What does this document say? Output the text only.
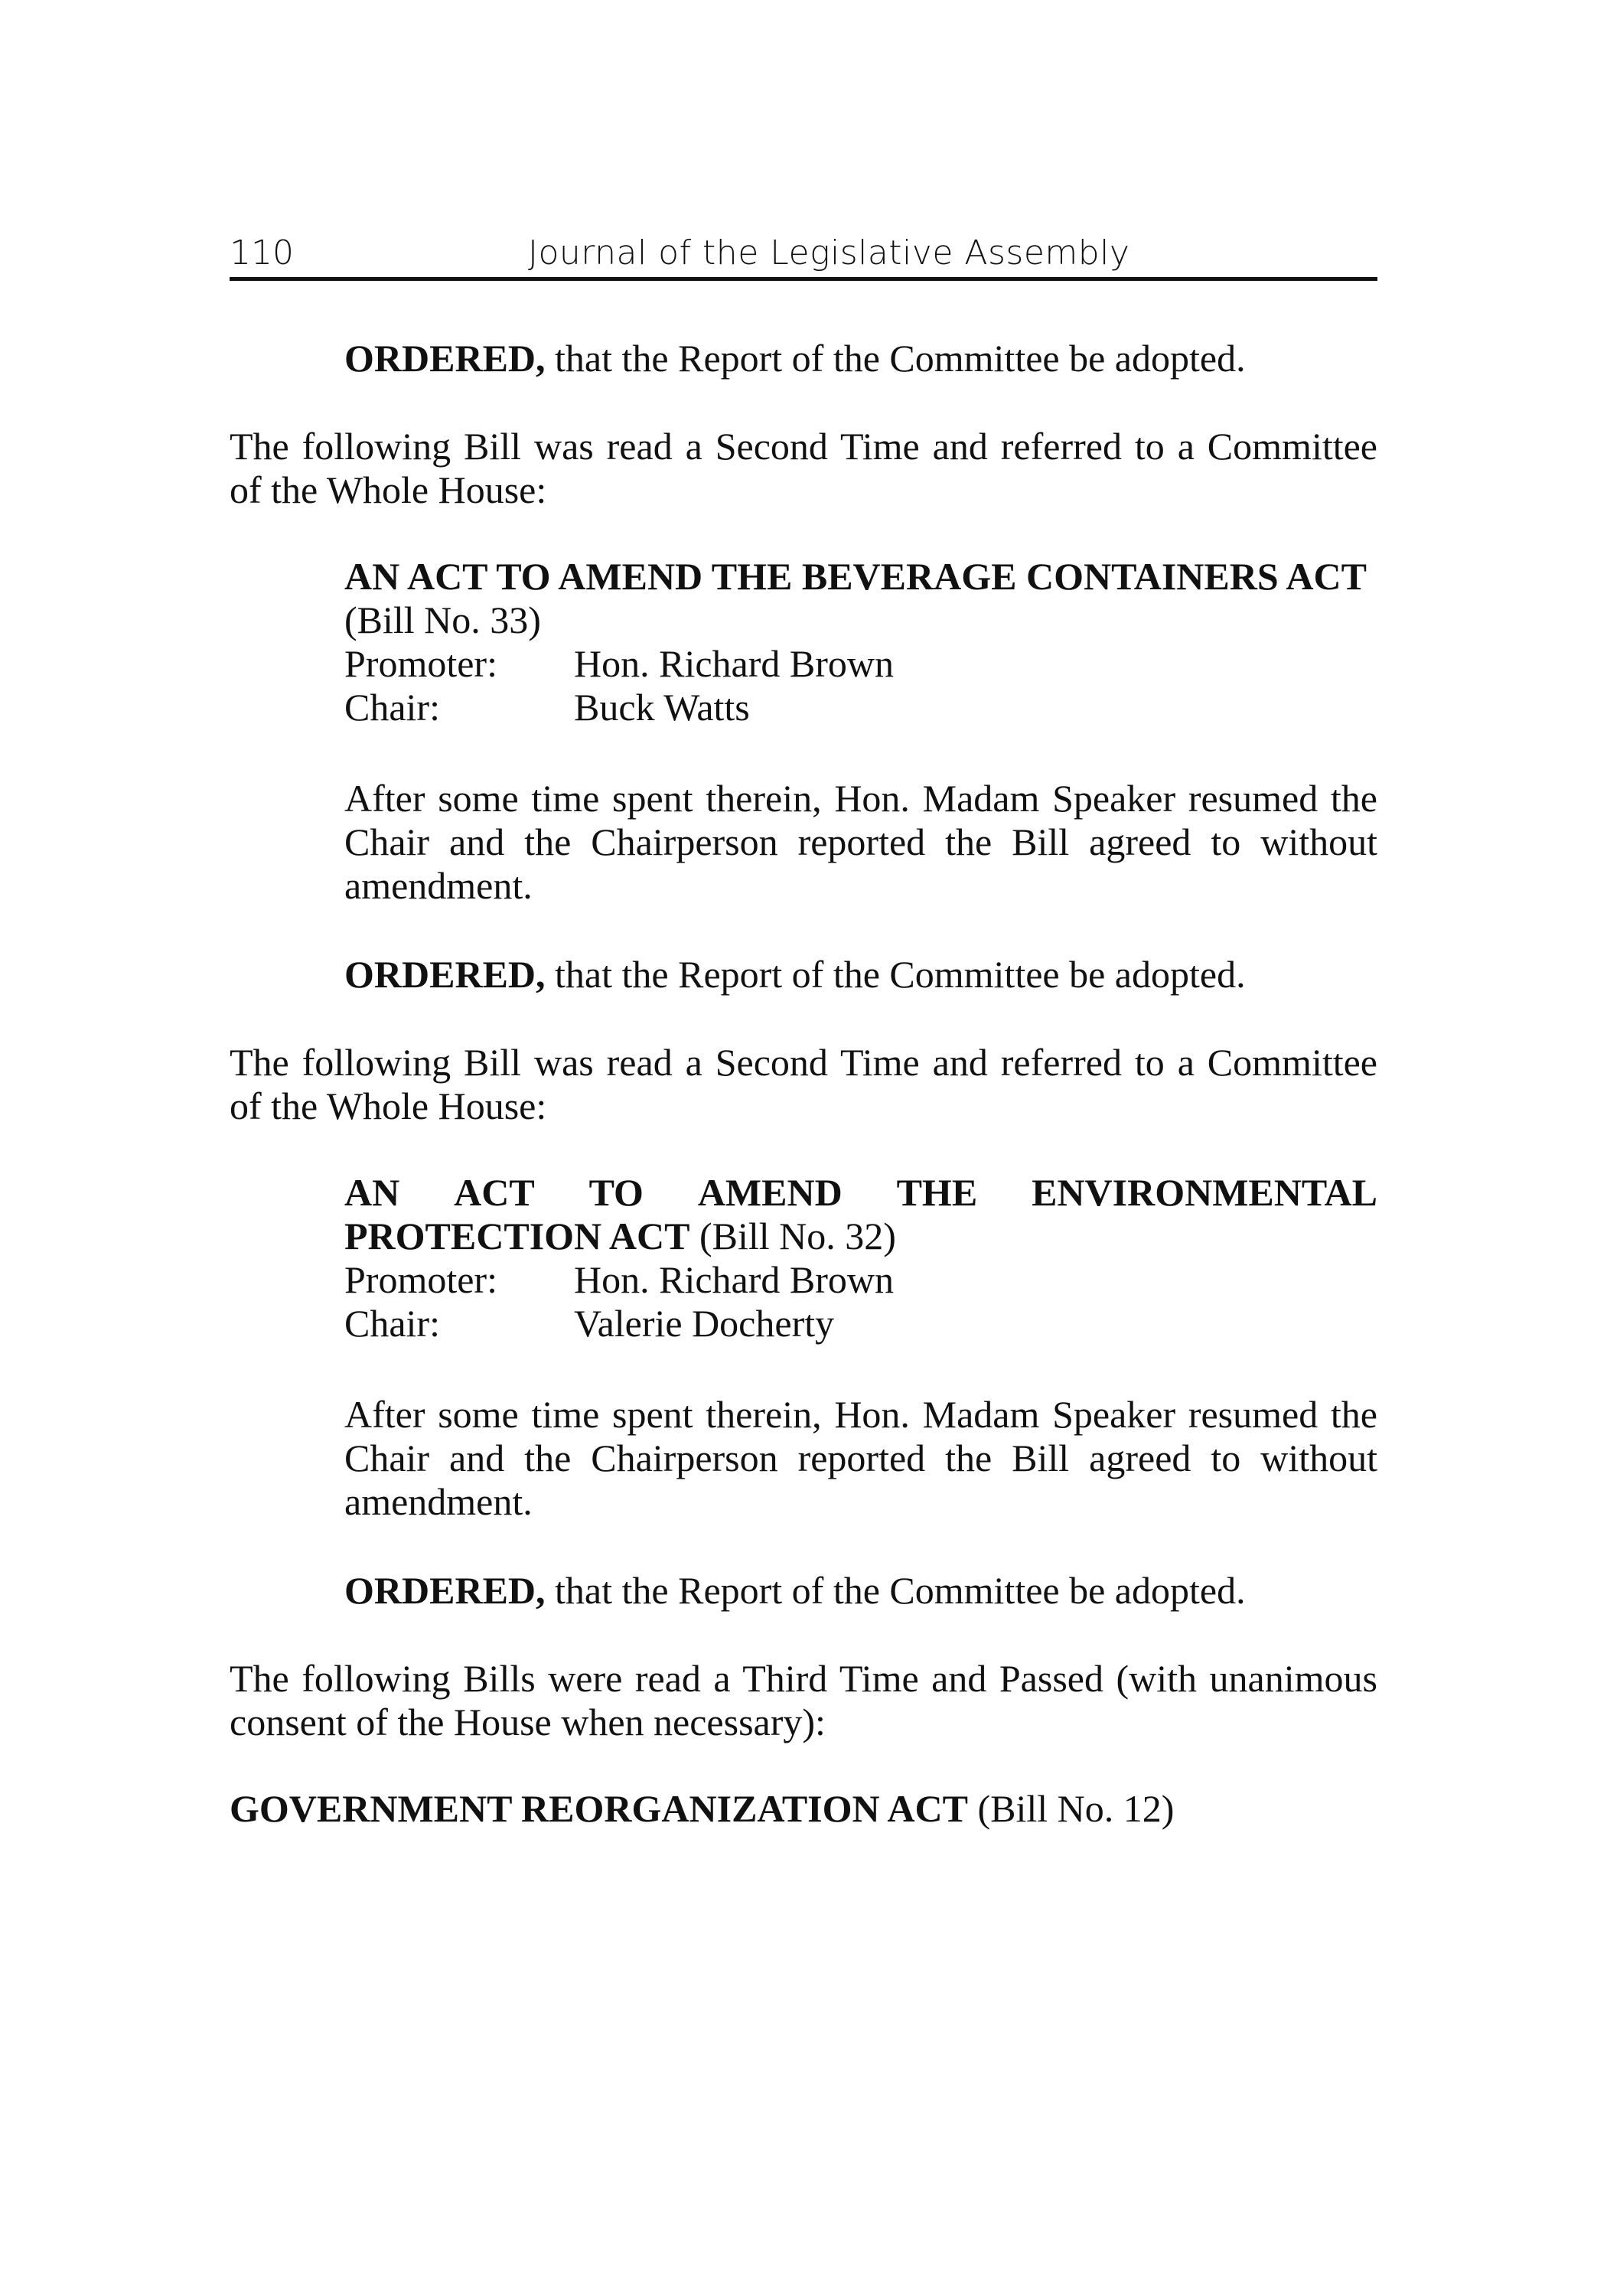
110	Journal of the Legislative Assembly
ORDERED, that the Report of the Committee be adopted.
The following Bill was read a Second Time and referred to a Committee of the Whole House:
AN ACT TO AMEND THE BEVERAGE CONTAINERS ACT
(Bill No. 33)
Promoter: Hon. Richard Brown
Chair:	Buck Watts
After some time spent therein, Hon. Madam Speaker resumed the Chair and the Chairperson reported the Bill agreed to without amendment.
ORDERED, that the Report of the Committee be adopted.
The following Bill was read a Second Time and referred to a Committee of the Whole House:
AN ACT TO AMEND THE ENVIRONMENTAL
PROTECTION ACT (Bill No. 32)
Promoter: Hon. Richard Brown
Chair:	Valerie Docherty
After some time spent therein, Hon. Madam Speaker resumed the Chair and the Chairperson reported the Bill agreed to without amendment.
ORDERED, that the Report of the Committee be adopted.
The following Bills were read a Third Time and Passed (with unanimous consent of the House when necessary):
GOVERNMENT REORGANIZATION ACT (Bill No. 12)
